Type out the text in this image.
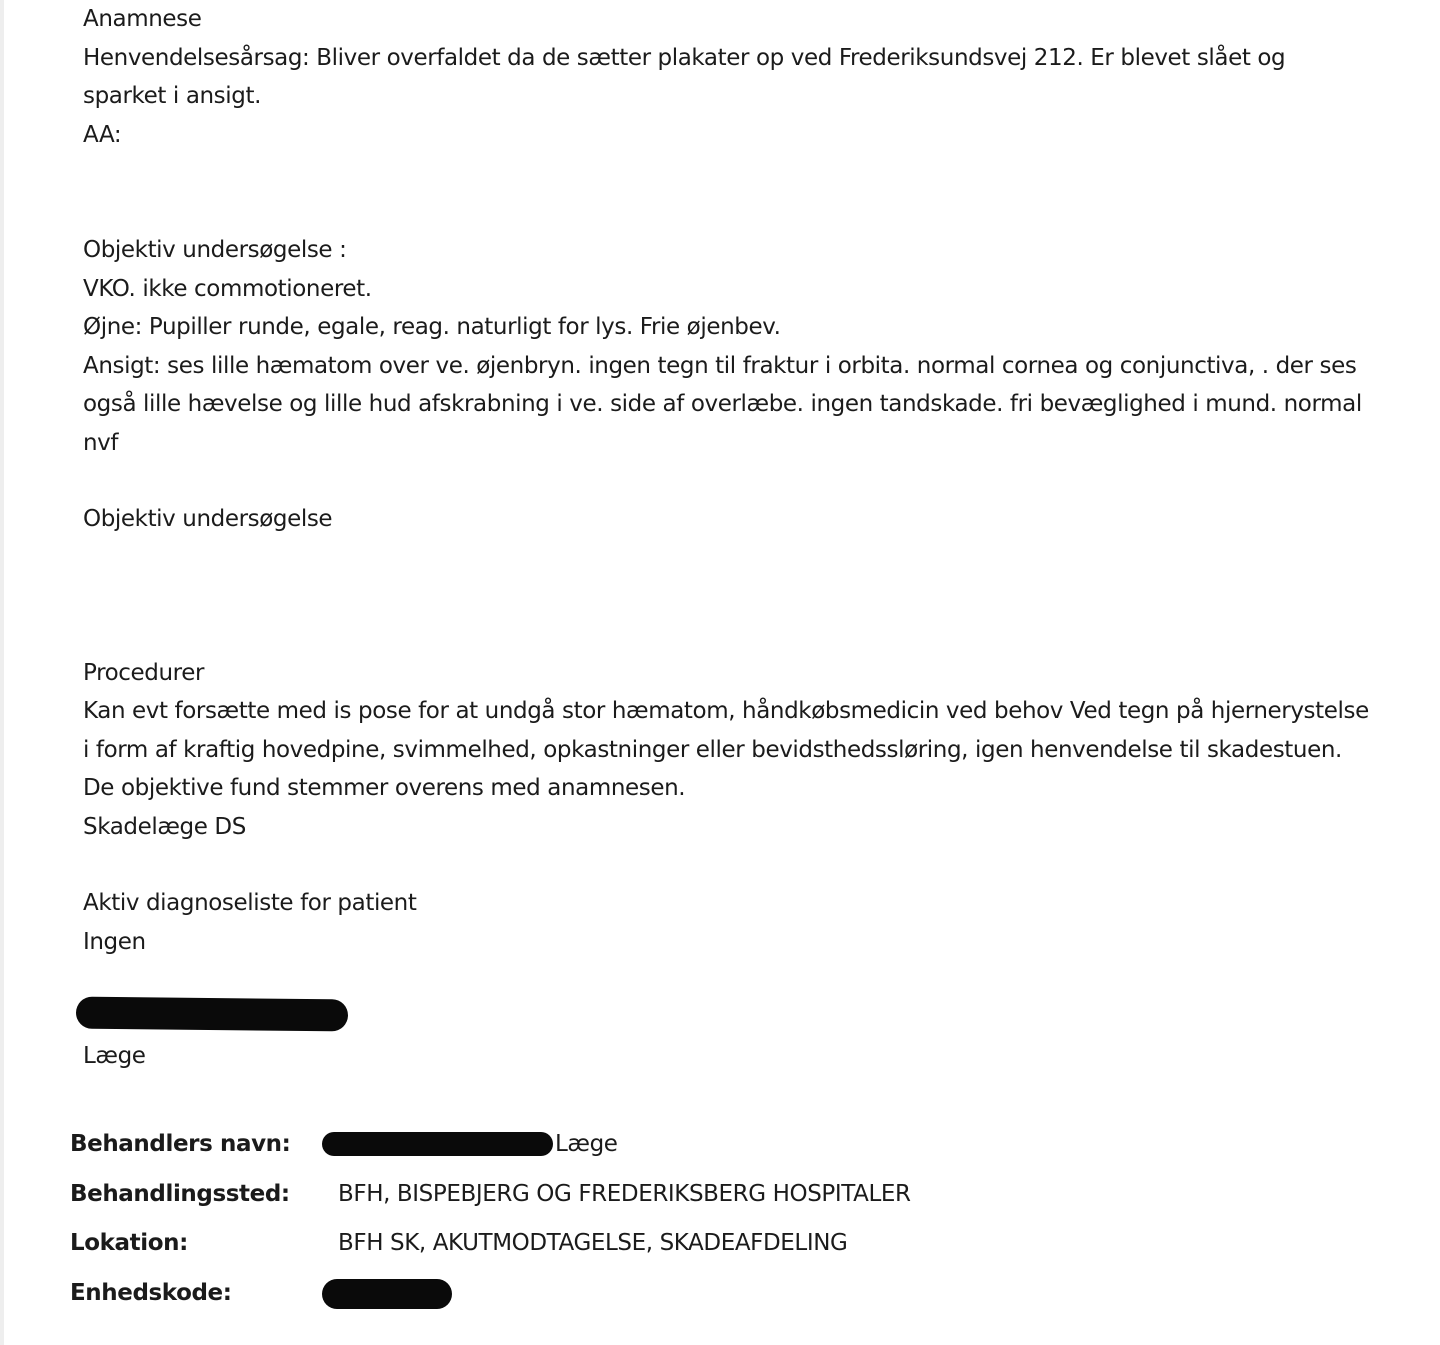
Anamnese
Henvendelsesårsag: Bliver overfaldet da de sætter plakater op ved Frederiksundsvej 212. Er blevet slået og sparket i ansigt.
AA:
Objektiv undersøgelse :
VKO. ikke commotioneret.
Øjne: Pupiller runde, egale, reag. naturligt for lys. Frie øjenbev.
Ansigt: ses lille hæmatom over ve. øjenbryn. ingen tegn til fraktur i orbita. normal cornea og conjunctiva, . der ses også lille hævelse og lille hud afskrabning i ve. side af overlæbe. ingen tandskade. fri bevæglighed i mund. normal nvf
Objektiv undersøgelse
Procedurer
Kan evt forsætte med is pose for at undgå stor hæmatom, håndkøbsmedicin ved behov Ved tegn på hjernerystelse i form af kraftig hovedpine, svimmelhed, opkastninger eller bevidsthedssløring, igen henvendelse til skadestuen.
De objektive fund stemmer overens med anamnesen.
Skadelæge DS
Aktiv diagnoseliste for patient
Ingen
Læge
Behandlers navn:	Læge
Behandlingssted: BFH, BISPEBJERG OG FREDERIKSBERG HOSPITALER
Lokation:	BFH SK, AKUTMODTAGELSE, SKADEAFDELING
Enhedskode:
